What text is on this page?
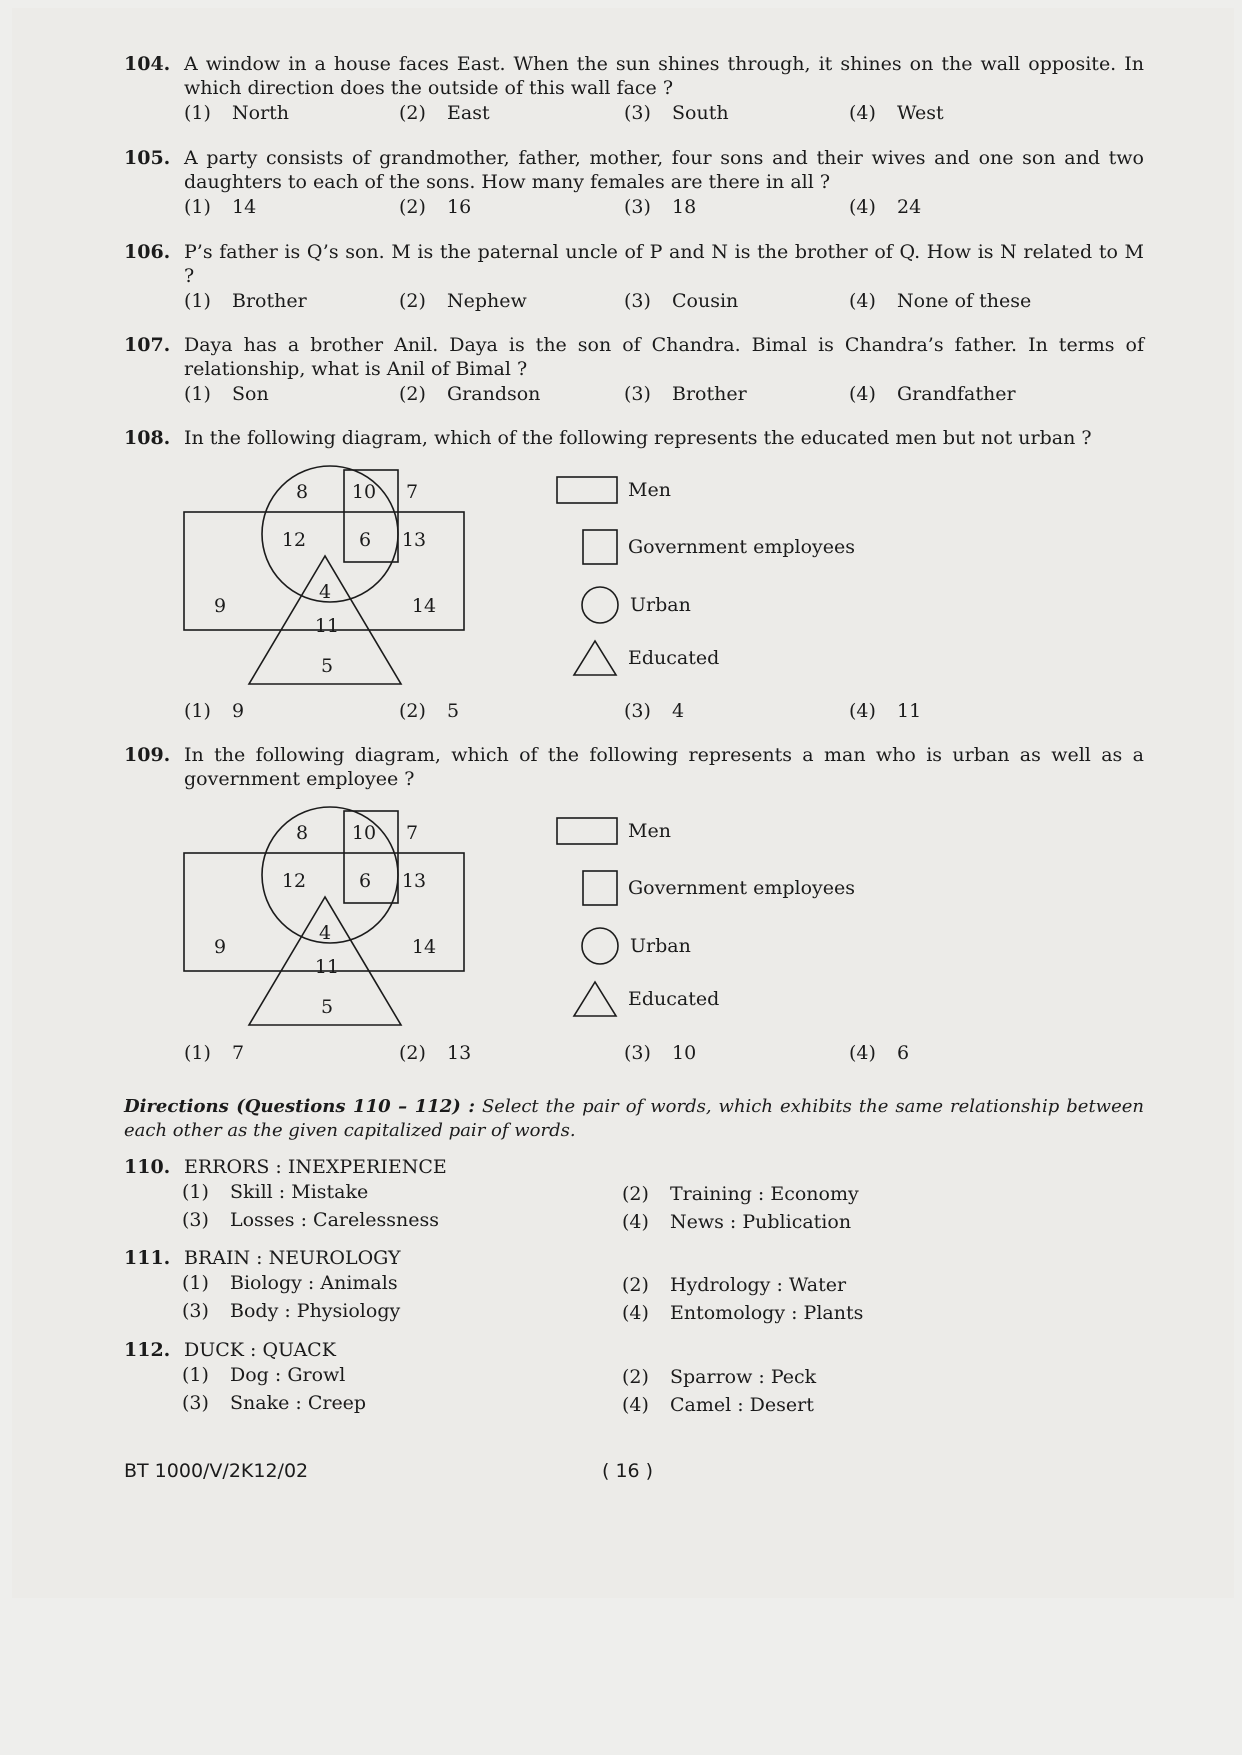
104. A window in a house faces East. When the sun shines through, it shines on the wall opposite. In which direction does the outside of this wall face ?
(1) North	(2) East	(3) South	(4) West
105. A party consists of grandmother, father, mother, four sons and their wives and one son and two daughters to each of the sons. How many females are there in all ?
(1) 14	(2) 16	(3) 18	(4) 24
106. P’s father is Q’s son. M is the paternal uncle of P and N is the brother of Q. How is N related to M ?
(1) Brother	(2) Nephew	(3) Cousin	(4) None of these
107. Daya has a brother Anil. Daya is the son of Chandra. Bimal is Chandra’s father. In terms of relationship, what is Anil of Bimal ?
(1) Son	(2) Grandson	(3) Brother	(4) Grandfather
108. In the following diagram, which of the following represents the educated men but not urban ?
8 10 7
12	6 13
4
9	14
11
5
Men
Government employees
Urban
Educated
(1) 9	(2) 5	(3) 4	(4) 11
109. In the following diagram, which of the following represents a man who is urban as well as a government employee ?
8 10 7
12	6 13
4
9	14
11
5
Men
Government employees
Urban
Educated
(1) 7	(2) 13	(3) 10	(4) 6
Directions (Questions 110 – 112) : Select the pair of words, which exhibits the same relationship between each other as the given capitalized pair of words.
110. ERRORS : INEXPERIENCE
(1) Skill : Mistake	(2) Training : Economy
(3) Losses : Carelessness	(4) News : Publication
111. BRAIN : NEUROLOGY
(1) Biology : Animals	(2) Hydrology : Water
(3) Body : Physiology	(4) Entomology : Plants
112. DUCK : QUACK
(1) Dog : Growl	(2) Sparrow : Peck
(3) Snake : Creep	(4) Camel : Desert
BT 1000/V/2K12/02	( 16 )
